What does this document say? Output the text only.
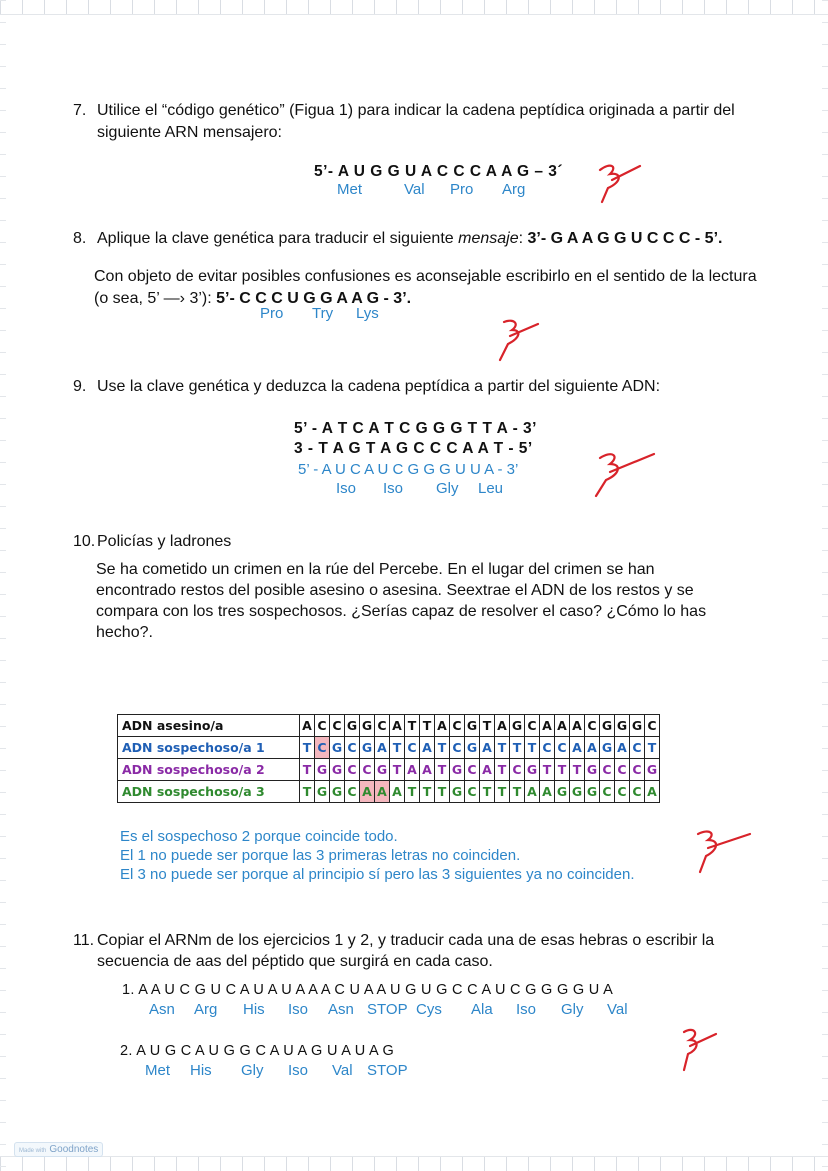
7. Utilice el “código genético” (Figua 1) para indicar la cadena peptídica originada a partir del
siguiente ARN mensajero:
5’- A U G G U A C C C A A G – 3´
Met	Val Pro Arg
8. Aplique la clave genética para traducir el siguiente mensaje: 3’- G A A G G U C C C - 5’.
Con objeto de evitar posibles confusiones es aconsejable escribirlo en el sentido de la lectura
(o sea, 5’ —› 3’): 5’- C C C U G G A A G - 3’.
Pro Try Lys
9. Use la clave genética y deduzca la cadena peptídica a partir del siguiente ADN:
5’ - A T C A T C G G G T T A - 3’
3 - T A G T A G C C C A A T - 5’
5’ - A U C A U C G G G U U A - 3’
Iso Iso Gly Leu
10. Policías y ladrones
Se ha cometido un crimen en la rúe del Percebe. En el lugar del crimen se han
encontrado restos del posible asesino o asesina. Seextrae el ADN de los restos y se
compara con los tres sospechosos. ¿Serías capaz de resolver el caso? ¿Cómo lo has
hecho?.
ADN asesino/a	A	C	C	G	G	C	A	T	T	A	C	G	T	A	G	C	A	A	A	C	G	G	G	C
ADN sospechoso/a 1	T	C	G	C	G	A	T	C	A	T	C	G	A	T	T	T	C	C	A	A	G	A	C	T
ADN sospechoso/a 2	T	G	G	C	C	G	T	A	A	T	G	C	A	T	C	G	T	T	T	G	C	C	C	G
ADN sospechoso/a 3	T	G	G	C	A	A	A	T	T	T	G	C	T	T	T	A	A	G	G	G	C	C	C	A
Es el sospechoso 2 porque coincide todo.
El 1 no puede ser porque las 3 primeras letras no coinciden.
El 3 no puede ser porque al principio sí pero las 3 siguientes ya no coinciden.
11. Copiar el ARNm de los ejercicios 1 y 2, y traducir cada una de esas hebras o escribir la
secuencia de aas del péptido que surgirá en cada caso.
1. A A U C G U C A U A U A A A C U A A U G U G C C A U C G G G G U A
Asn Arg His Iso Asn STOP Cys Ala Iso Gly Val
2. A U G C A U G G C A U A G U A U A G
Met His Gly Iso Val STOP
Made with Goodnotes
